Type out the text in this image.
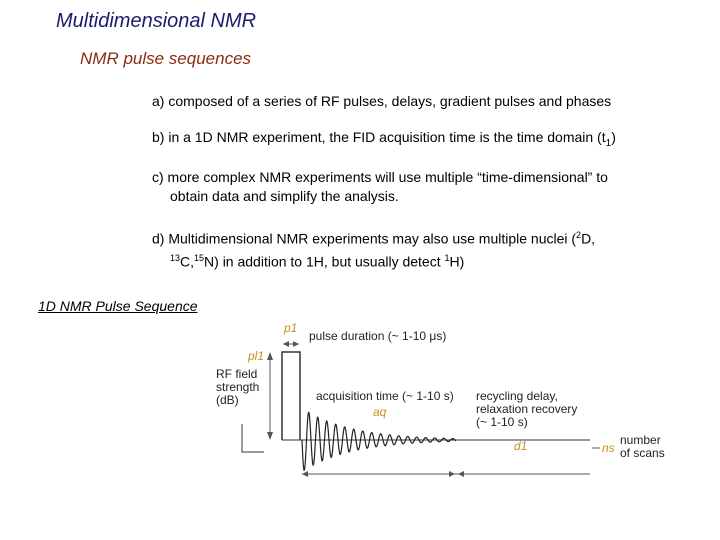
Multidimensional NMR
NMR pulse sequences
a) composed of a series of RF pulses, delays, gradient pulses and phases
b) in a 1D NMR experiment, the FID acquisition time is the time domain $(t_1)$
c) more complex NMR experiments will use multiple “time-dimensional” to
obtain data and simplify the analysis.
d) Multidimensional NMR experiments may also use multiple nuclei ($^2$D,
$^{13}$C,$^{15}$N) in addition to 1H, but usually detect $^1$H)
1D NMR Pulse Sequence
p1
pulse duration (~ 1-10 μs)
pl1
RF field
strength
(dB)	acquisition time (~ 1-10 s)
aq
recycling delay,
relaxation recovery
(~ 1-10 s)
d1	ns
number
of scans
